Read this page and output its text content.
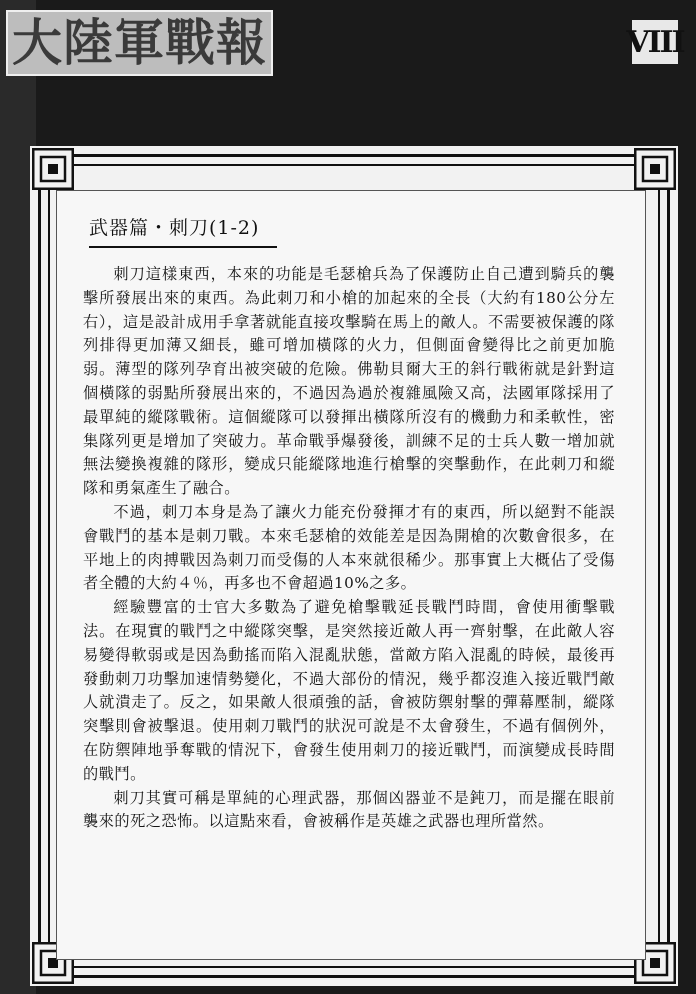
大陸軍戰報	VIII
武器篇・刺刀(1-2)

刺刀這樣東西，本來的功能是毛瑟槍兵為了保護防止自己遭到騎兵的襲擊所發展出來的東西。為此刺刀和小槍的加起來的全長（大約有180公分左右），這是設計成用手拿著就能直接攻擊騎在馬上的敵人。不需要被保護的隊列排得更加薄又細長，雖可增加橫隊的火力，但側面會變得比之前更加脆弱。薄型的隊列孕育出被突破的危險。佛勒貝爾大王的斜行戰術就是針對這個橫隊的弱點所發展出來的，不過因為過於複雜風險又高，法國軍隊採用了最單純的縱隊戰術。這個縱隊可以發揮出橫隊所沒有的機動力和柔軟性，密集隊列更是增加了突破力。革命戰爭爆發後，訓練不足的士兵人數一增加就無法變換複雜的隊形，變成只能縱隊地進行槍擊的突擊動作，在此刺刀和縱隊和勇氣產生了融合。

不過，刺刀本身是為了讓火力能充份發揮才有的東西，所以絕對不能誤會戰鬥的基本是刺刀戰。本來毛瑟槍的效能差是因為開槍的次數會很多，在平地上的肉搏戰因為刺刀而受傷的人本來就很稀少。那事實上大概佔了受傷者全體的大約４％，再多也不會超過10%之多。

經驗豐富的士官大多數為了避免槍擊戰延長戰鬥時間，會使用衝擊戰法。在現實的戰鬥之中縱隊突擊，是突然接近敵人再一齊射擊，在此敵人容易變得軟弱或是因為動搖而陷入混亂狀態，當敵方陷入混亂的時候，最後再發動刺刀功擊加速情勢變化，不過大部份的情況，幾乎都沒進入接近戰鬥敵人就潰走了。反之，如果敵人很頑強的話，會被防禦射擊的彈幕壓制，縱隊突擊則會被擊退。使用刺刀戰鬥的狀況可說是不太會發生，不過有個例外，在防禦陣地爭奪戰的情況下，會發生使用刺刀的接近戰鬥，而演變成長時間的戰鬥。

刺刀其實可稱是單純的心理武器，那個凶器並不是鈍刀，而是擺在眼前襲來的死之恐怖。以這點來看，會被稱作是英雄之武器也理所當然。
